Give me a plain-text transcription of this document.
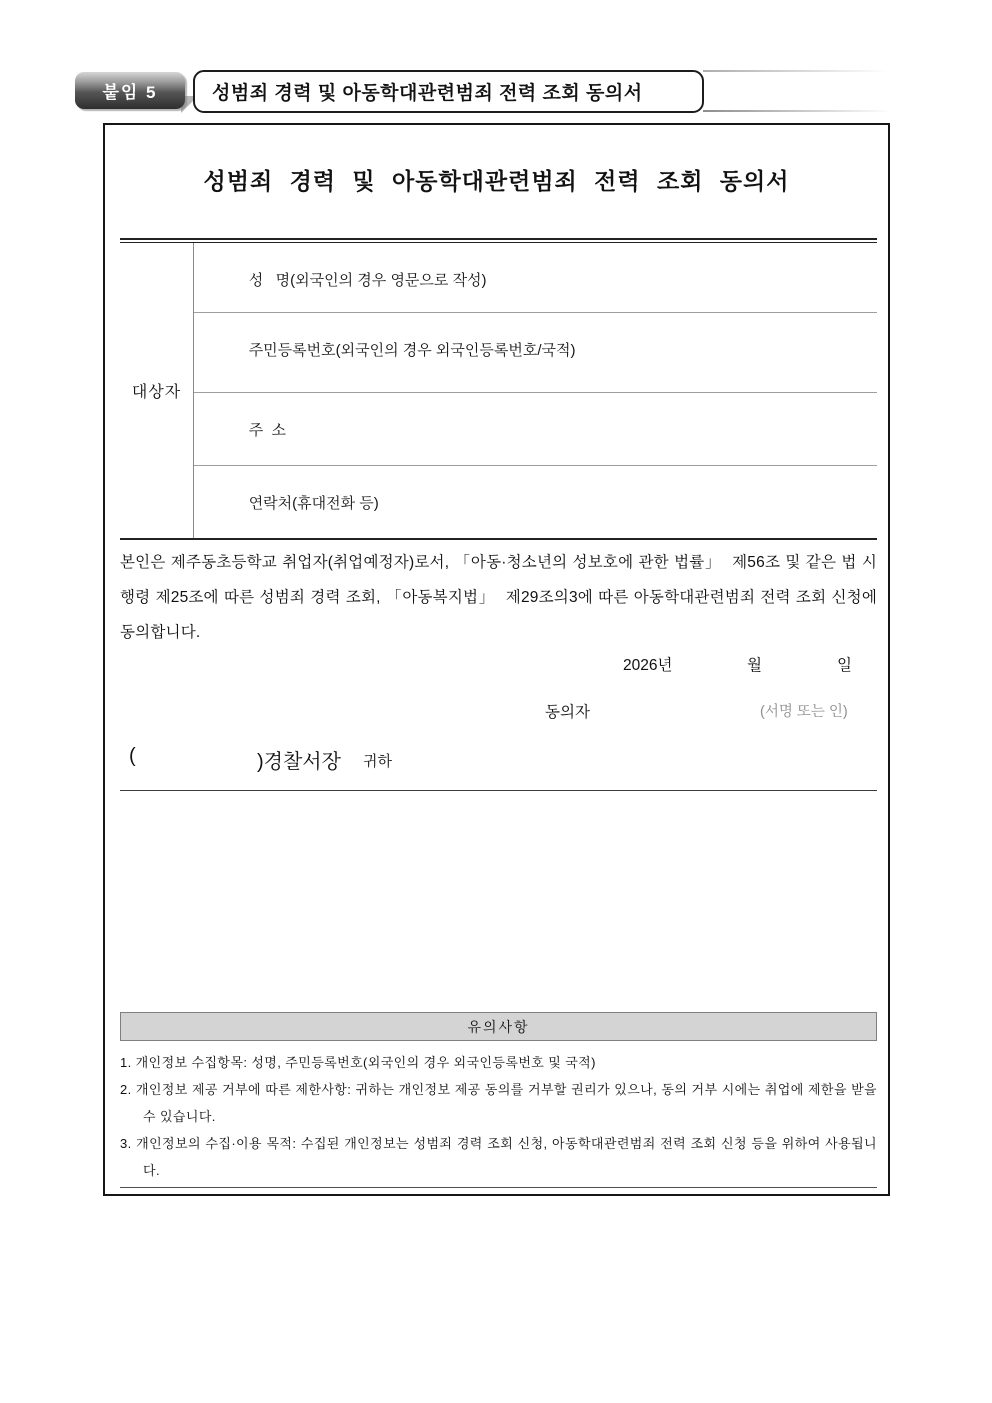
붙임 5	성범죄 경력 및 아동학대관련범죄 전력 조회 동의서
성범죄 경력 및 아동학대관련범죄 전력 조회 동의서
대상자

성   명(외국인의 경우 영문으로 작성)

주민등록번호(외국인의 경우 외국인등록번호/국적)

주  소

연락처(휴대전화 등)

본인은 제주동초등학교 취업자(취업예정자)로서, 「아동·청소년의 성보호에 관한 법률」  제56조 및 같은 법 시행령 제25조에 따른 성범죄 경력 조회, 「아동복지법」  제29조의3에 따른 아동학대관련범죄 전력 조회 신청에 동의합니다.
2026년	월	일
동의자	(서명 또는 인)
(	)경찰서장 귀하
유의사항
1. 개인정보 수집항목: 성명, 주민등록번호(외국인의 경우 외국인등록번호 및 국적)
2. 개인정보 제공 거부에 따른 제한사항: 귀하는 개인정보 제공 동의를 거부할 권리가 있으나, 동의 거부 시에는 취업에 제한을 받을 수 있습니다.
3. 개인정보의 수집·이용 목적: 수집된 개인정보는 성범죄 경력 조회 신청, 아동학대관련범죄 전력 조회 신청 등을 위하여 사용됩니다.
